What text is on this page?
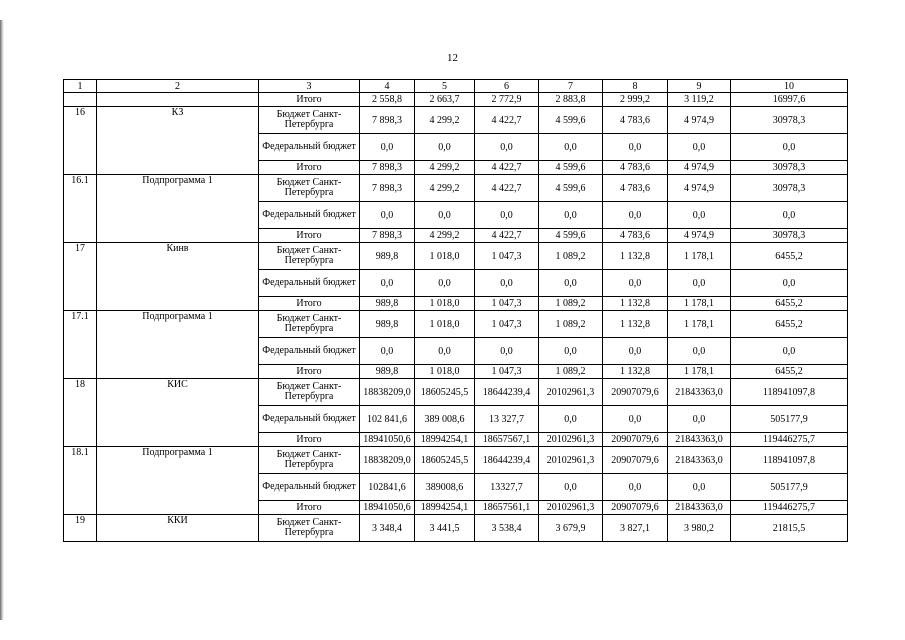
12
1	2	3	4	5	6	7	8	9	10
		Итого	2 558,8	2 663,7	2 772,9	2 883,8	2 999,2	3 119,2	16997,6
16	КЗ	Бюджет Санкт-Петербурга	7 898,3	4 299,2	4 422,7	4 599,6	4 783,6	4 974,9	30978,3
		Федеральный бюджет	0,0	0,0	0,0	0,0	0,0	0,0	0,0
		Итого	7 898,3	4 299,2	4 422,7	4 599,6	4 783,6	4 974,9	30978,3
16.1	Подпрограмма 1	Бюджет Санкт-Петербурга	7 898,3	4 299,2	4 422,7	4 599,6	4 783,6	4 974,9	30978,3
		Федеральный бюджет	0,0	0,0	0,0	0,0	0,0	0,0	0,0
		Итого	7 898,3	4 299,2	4 422,7	4 599,6	4 783,6	4 974,9	30978,3
17	Кинв	Бюджет Санкт-Петербурга	989,8	1 018,0	1 047,3	1 089,2	1 132,8	1 178,1	6455,2
		Федеральный бюджет	0,0	0,0	0,0	0,0	0,0	0,0	0,0
		Итого	989,8	1 018,0	1 047,3	1 089,2	1 132,8	1 178,1	6455,2
17.1	Подпрограмма 1	Бюджет Санкт-Петербурга	989,8	1 018,0	1 047,3	1 089,2	1 132,8	1 178,1	6455,2
		Федеральный бюджет	0,0	0,0	0,0	0,0	0,0	0,0	0,0
		Итого	989,8	1 018,0	1 047,3	1 089,2	1 132,8	1 178,1	6455,2
18	КИС	Бюджет Санкт-Петербурга	18838209,0	18605245,5	18644239,4	20102961,3	20907079,6	21843363,0	118941097,8
		Федеральный бюджет	102 841,6	389 008,6	13 327,7	0,0	0,0	0,0	505177,9
		Итого	18941050,6	18994254,1	18657567,1	20102961,3	20907079,6	21843363,0	119446275,7
18.1	Подпрограмма 1	Бюджет Санкт-Петербурга	18838209,0	18605245,5	18644239,4	20102961,3	20907079,6	21843363,0	118941097,8
		Федеральный бюджет	102841,6	389008,6	13327,7	0,0	0,0	0,0	505177,9
		Итого	18941050,6	18994254,1	18657561,1	20102961,3	20907079,6	21843363,0	119446275,7
19	ККИ	Бюджет Санкт-Петербурга	3 348,4	3 441,5	3 538,4	3 679,9	3 827,1	3 980,2	21815,5
